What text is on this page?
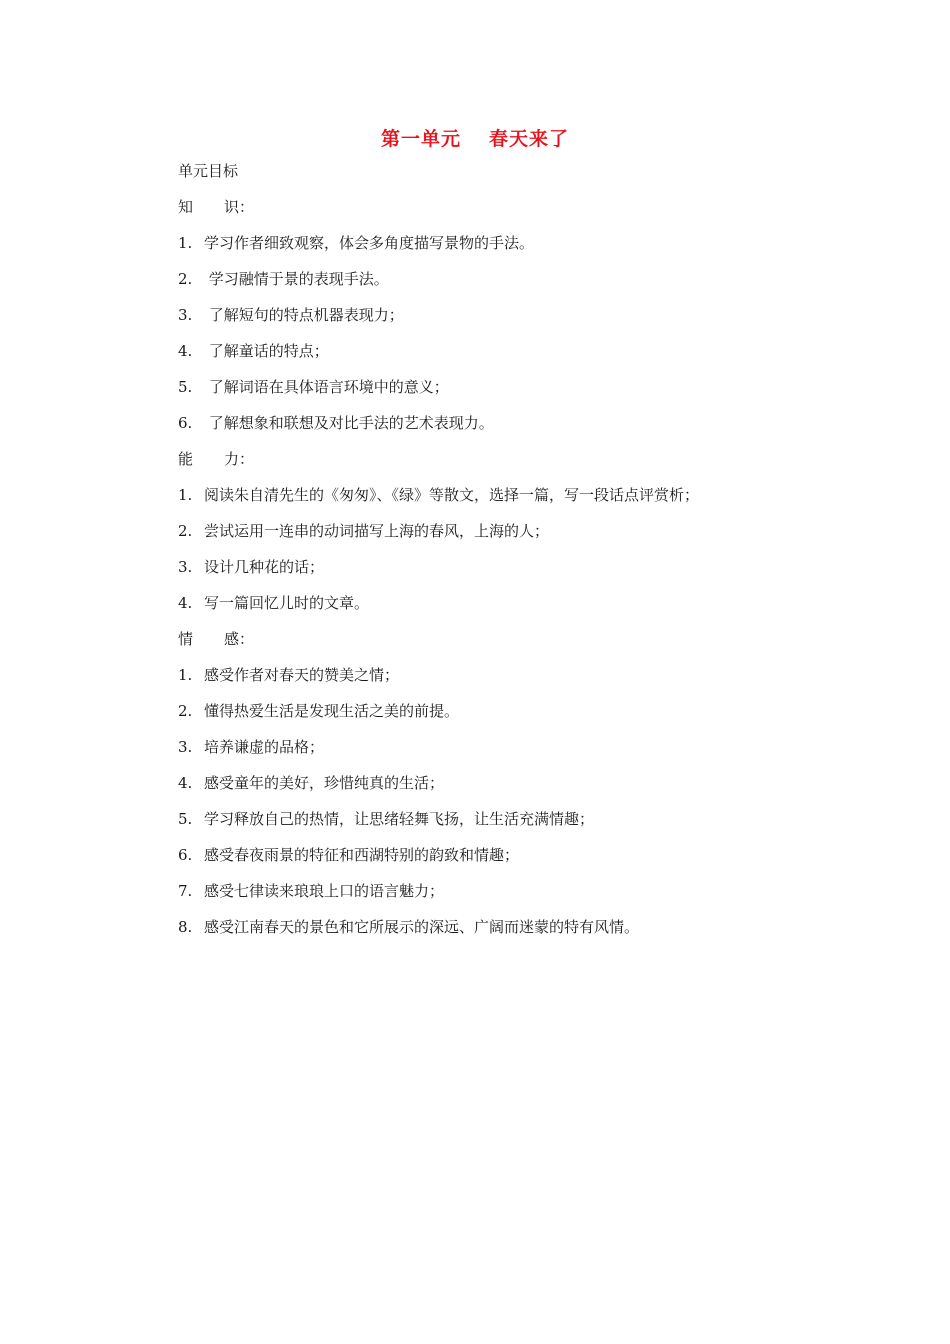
第一单元 春天来了
单元目标
知 识：
1. 学习作者细致观察，体会多角度描写景物的手法。
2. 学习融情于景的表现手法。
3. 了解短句的特点机器表现力；
4. 了解童话的特点；
5. 了解词语在具体语言环境中的意义；
6. 了解想象和联想及对比手法的艺术表现力。
能 力：
1. 阅读朱自清先生的《匆匆》、《绿》等散文，选择一篇，写一段话点评赏析；
2. 尝试运用一连串的动词描写上海的春风，上海的人；
3. 设计几种花的话；
4. 写一篇回忆儿时的文章。
情 感：
1. 感受作者对春天的赞美之情；
2. 懂得热爱生活是发现生活之美的前提。
3. 培养谦虚的品格；
4. 感受童年的美好，珍惜纯真的生活；
5. 学习释放自己的热情，让思绪轻舞飞扬，让生活充满情趣；
6. 感受春夜雨景的特征和西湖特别的韵致和情趣；
7. 感受七律读来琅琅上口的语言魅力；
8. 感受江南春天的景色和它所展示的深远、广阔而迷蒙的特有风情。
